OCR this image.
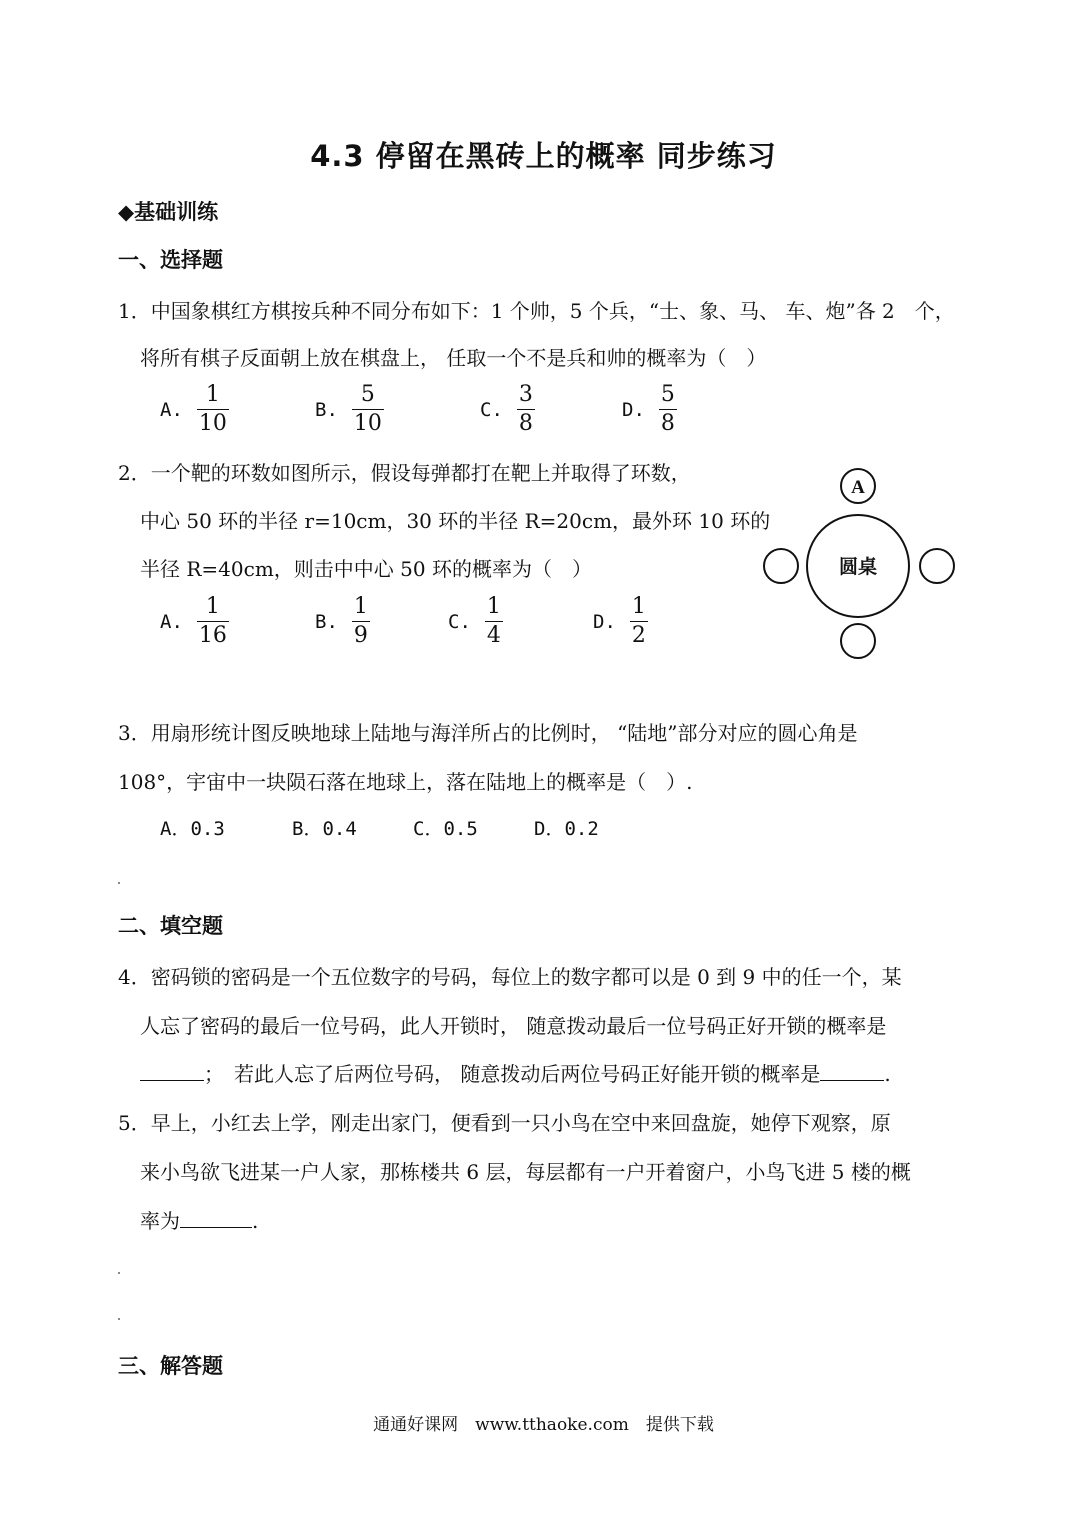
4.3 停留在黑砖上的概率 同步练习
◆基础训练
一、选择题
1．中国象棋红方棋按兵种不同分布如下：1 个帅，5 个兵，“士、象、马、 车、炮”各 2　个，
将所有棋子反面朝上放在棋盘上， 任取一个不是兵和帅的概率为（　）
A. $\frac{1}{10}$	B. $\frac{5}{10}$	C. $\frac{3}{8}$	D. $\frac{5}{8}$
2．一个靶的环数如图所示，假设每弹都打在靶上并取得了环数，
中心 50 环的半径 r=10cm，30 环的半径 R=20cm，最外环 10 环的
半径 R=40cm，则击中中心 50 环的概率为（　）
A. $\frac{1}{16}$	B. $\frac{1}{9}$	C. $\frac{1}{4}$	D. $\frac{1}{2}$
A
圆桌
3．用扇形统计图反映地球上陆地与海洋所占的比例时， “陆地”部分对应的圆心角是
108°，宇宙中一块陨石落在地球上，落在陆地上的概率是（　）.
A．0.3	B．0.4	C．0.5	D．0.2
二、填空题
4．密码锁的密码是一个五位数字的号码，每位上的数字都可以是 0 到 9 中的任一个，某
人忘了密码的最后一位号码，此人开锁时， 随意拨动最后一位号码正好开锁的概率是
；　若此人忘了后两位号码， 随意拨动后两位号码正好能开锁的概率是	.
5．早上，小红去上学，刚走出家门，便看到一只小鸟在空中来回盘旋，她停下观察，原
来小鸟欲飞进某一户人家，那栋楼共 6 层，每层都有一户开着窗户，小鸟飞进 5 楼的概
率为	.
三、解答题
通通好课网　www.tthaoke.com　提供下载
